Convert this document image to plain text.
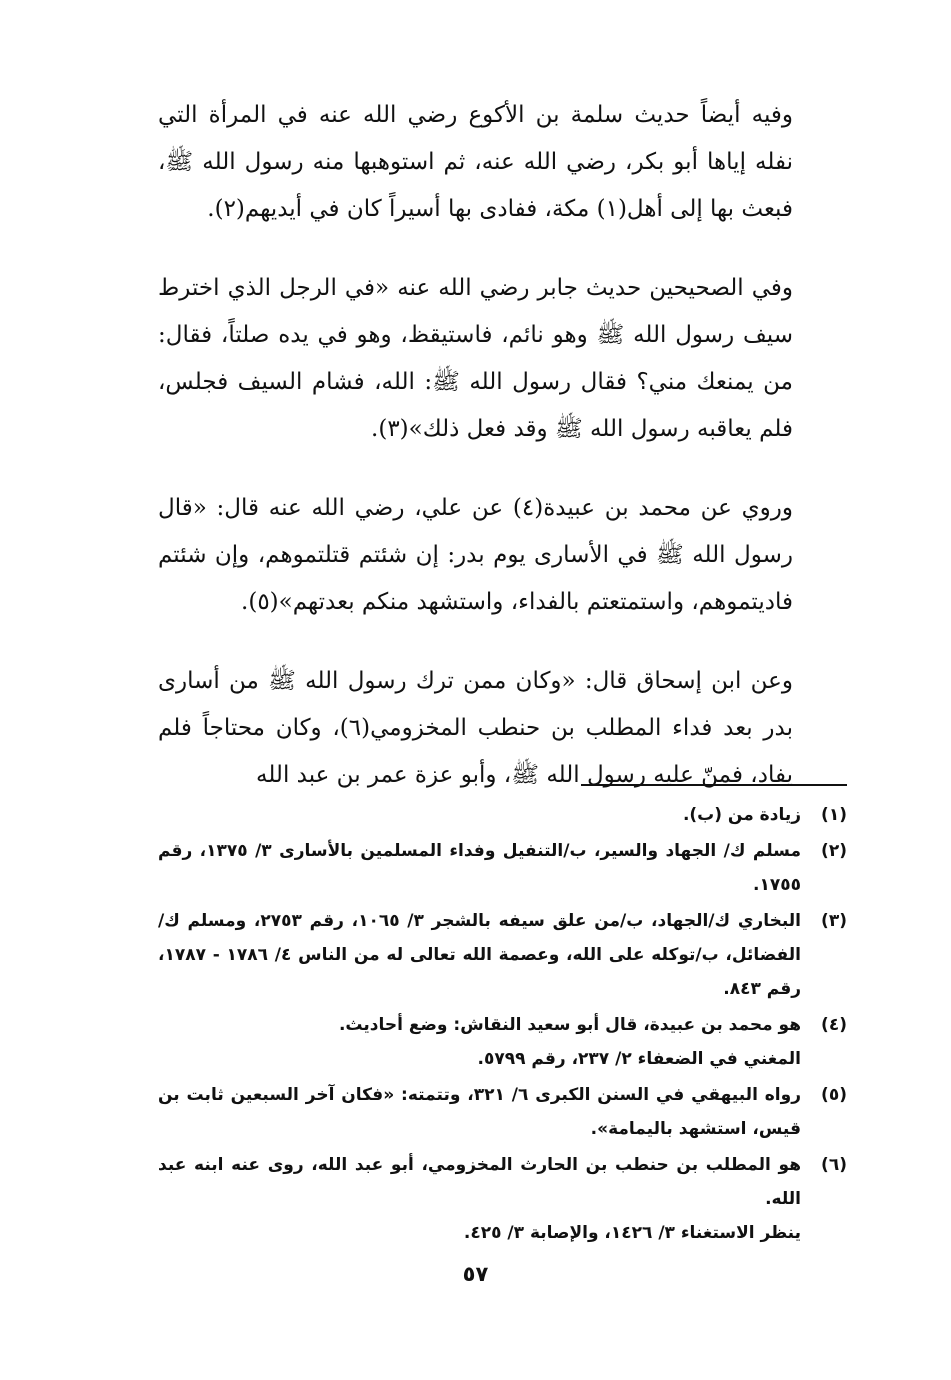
وفيه أيضاً حديث سلمة بن الأكوع رضي الله عنه في المرأة التي نفله إياها أبو بكر، رضي الله عنه، ثم استوهبها منه رسول الله ﷺ، فبعث بها إلى أهل(١) مكة، ففادى بها أسيراً كان في أيديهم(٢).

وفي الصحيحين حديث جابر رضي الله عنه «في الرجل الذي اخترط سيف رسول الله ﷺ وهو نائم، فاستيقظ، وهو في يده صلتاً، فقال: من يمنعك مني؟ فقال رسول الله ﷺ: الله، فشام السيف فجلس، فلم يعاقبه رسول الله ﷺ وقد فعل ذلك»(٣).

وروي عن محمد بن عبيدة(٤) عن علي، رضي الله عنه قال: «قال رسول الله ﷺ في الأسارى يوم بدر: إن شئتم قتلتموهم، وإن شئتم فاديتموهم، واستمتعتم بالفداء، واستشهد منكم بعدتهم»(٥).

وعن ابن إسحاق قال: «وكان ممن ترك رسول الله ﷺ من أسارى بدر بعد فداء المطلب بن حنطب المخزومي(٦)، وكان محتاجاً فلم يفاد، فمنّ عليه رسول الله ﷺ، وأبو عزة عمر بن عبد الله

(١)
زيادة من (ب).
(٢)
مسلم ك/ الجهاد والسير، ب/التنفيل وفداء المسلمين بالأسارى ٣/ ١٣٧٥، رقم ١٧٥٥.
(٣)
البخاري ك/الجهاد، ب/من علق سيفه بالشجر ٣/ ١٠٦٥، رقم ٢٧٥٣، ومسلم ك/الفضائل، ب/توكله على الله، وعصمة الله تعالى له من الناس ٤/ ١٧٨٦ - ١٧٨٧، رقم ٨٤٣.
(٤)
هو محمد بن عبيدة، قال أبو سعيد النقاش: وضع أحاديث.
المغني في الضعفاء ٢/ ٢٣٧، رقم ٥٧٩٩.
(٥)
رواه البيهقي في السنن الكبرى ٦/ ٣٢١، وتتمته: «فكان آخر السبعين ثابت بن قيس، استشهد باليمامة».
(٦)
هو المطلب بن حنطب بن الحارث المخزومي، أبو عبد الله، روى عنه ابنه عبد الله.
ينظر الاستغناء ٣/ ١٤٢٦، والإصابة ٣/ ٤٢٥.
٥٧
